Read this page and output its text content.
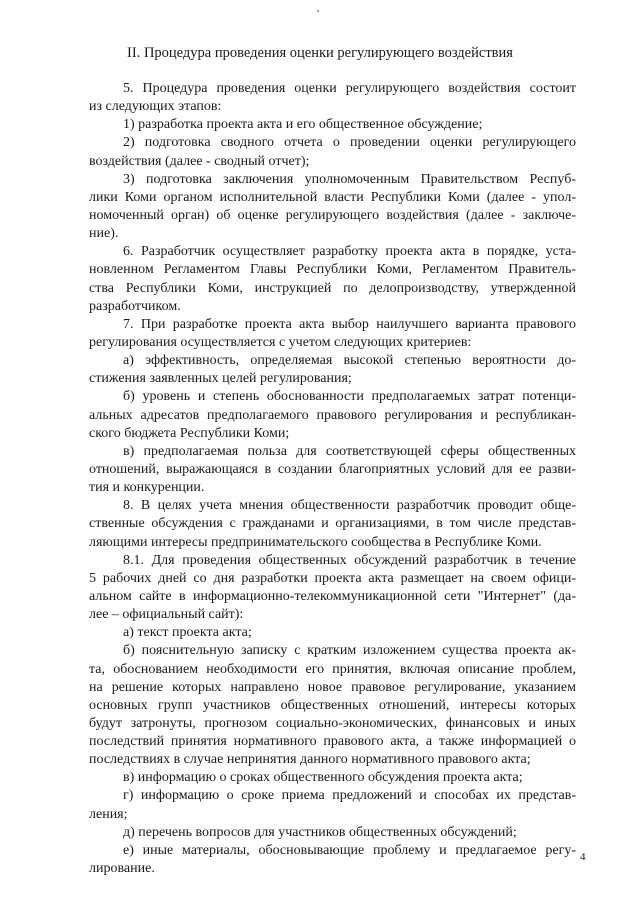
II. Процедура проведения оценки регулирующего воздействия
5. Процедура проведения оценки регулирующего воздействия состоит
из следующих этапов:
1) разработка проекта акта и его общественное обсуждение;
2) подготовка сводного отчета о проведении оценки регулирующего
воздействия (далее - сводный отчет);
3) подготовка заключения уполномоченным Правительством Респуб-
лики Коми органом исполнительной власти Республики Коми (далее - упол-
номоченный орган) об оценке регулирующего воздействия (далее - заключе-
ние).
6. Разработчик осуществляет разработку проекта акта в порядке, уста-
новленном Регламентом Главы Республики Коми, Регламентом Правитель-
ства Республики Коми, инструкцией по делопроизводству, утвержденной
разработчиком.
7. При разработке проекта акта выбор наилучшего варианта правового
регулирования осуществляется с учетом следующих критериев:
а) эффективность, определяемая высокой степенью вероятности до-
стижения заявленных целей регулирования;
б) уровень и степень обоснованности предполагаемых затрат потенци-
альных адресатов предполагаемого правового регулирования и республикан-
ского бюджета Республики Коми;
в) предполагаемая польза для соответствующей сферы общественных
отношений, выражающаяся в создании благоприятных условий для ее разви-
тия и конкуренции.
8. В целях учета мнения общественности разработчик проводит обще-
ственные обсуждения с гражданами и организациями, в том числе представ-
ляющими интересы предпринимательского сообщества в Республике Коми.
8.1. Для проведения общественных обсуждений разработчик в течение
5 рабочих дней со дня разработки проекта акта размещает на своем офици-
альном сайте в информационно-телекоммуникационной сети "Интернет" (да-
лее – официальный сайт):
а) текст проекта акта;
б) пояснительную записку с кратким изложением существа проекта ак-
та, обоснованием необходимости его принятия, включая описание проблем,
на решение которых направлено новое правовое регулирование, указанием
основных групп участников общественных отношений, интересы которых
будут затронуты, прогнозом социально-экономических, финансовых и иных
последствий принятия нормативного правового акта, а также информацией о
последствиях в случае непринятия данного нормативного правового акта;
в) информацию о сроках общественного обсуждения проекта акта;
г) информацию о сроке приема предложений и способах их представ-
ления;
д) перечень вопросов для участников общественных обсуждений;
е) иные материалы, обосновывающие проблему и предлагаемое регу-
лирование.
4
